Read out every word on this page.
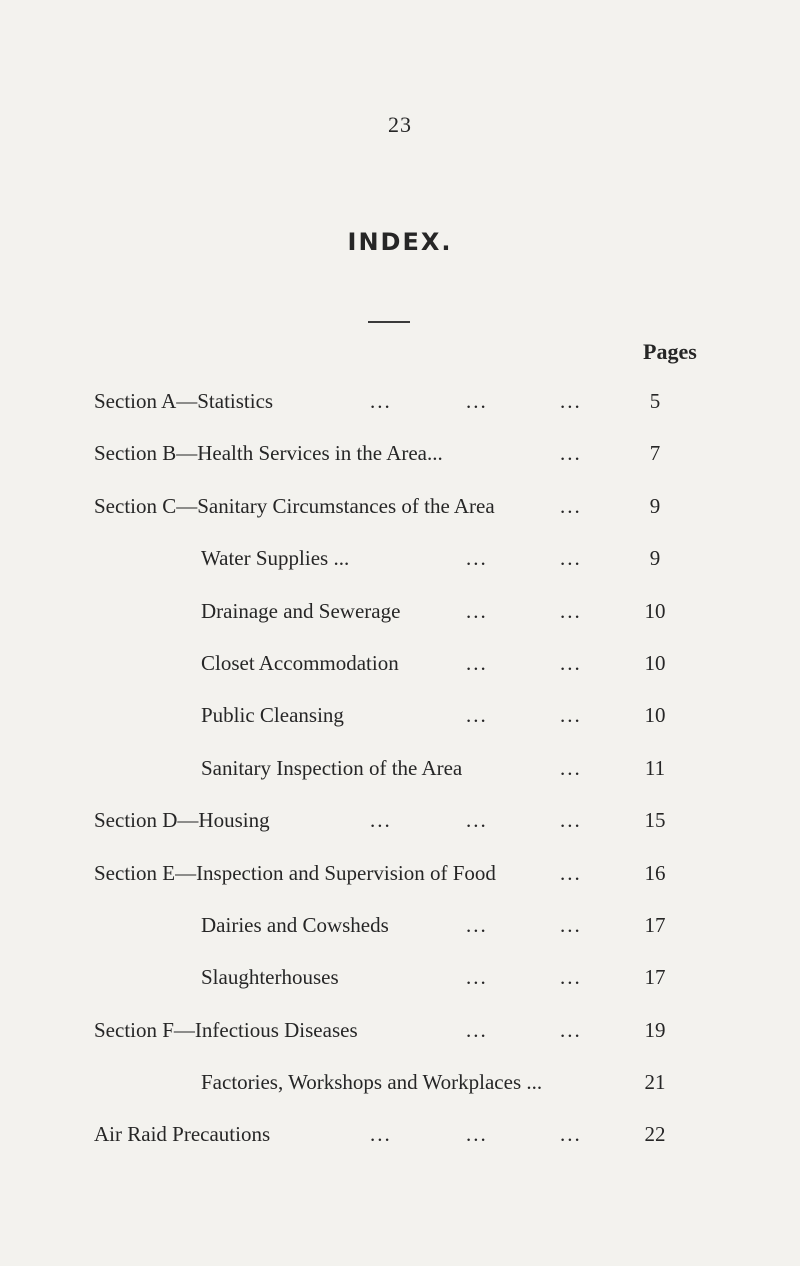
23
INDEX.
Pages
Section A—Statistics	...	...	...	5
Section B—Health Services in the Area...	...	7
Section C—Sanitary Circumstances of the Area	...	9
Water Supplies ...	...	...	9
Drainage and Sewerage	...	...	10
Closet Accommodation	...	...	10
Public Cleansing	...	...	10
Sanitary Inspection of the Area	...	11
Section D—Housing	...	...	...	15
Section E—Inspection and Supervision of Food	...	16
Dairies and Cowsheds	...	...	17
Slaughterhouses	...	...	17
Section F—Infectious Diseases	...	...	19
Factories, Workshops and Workplaces ...	21
Air Raid Precautions	...	...	...	22
